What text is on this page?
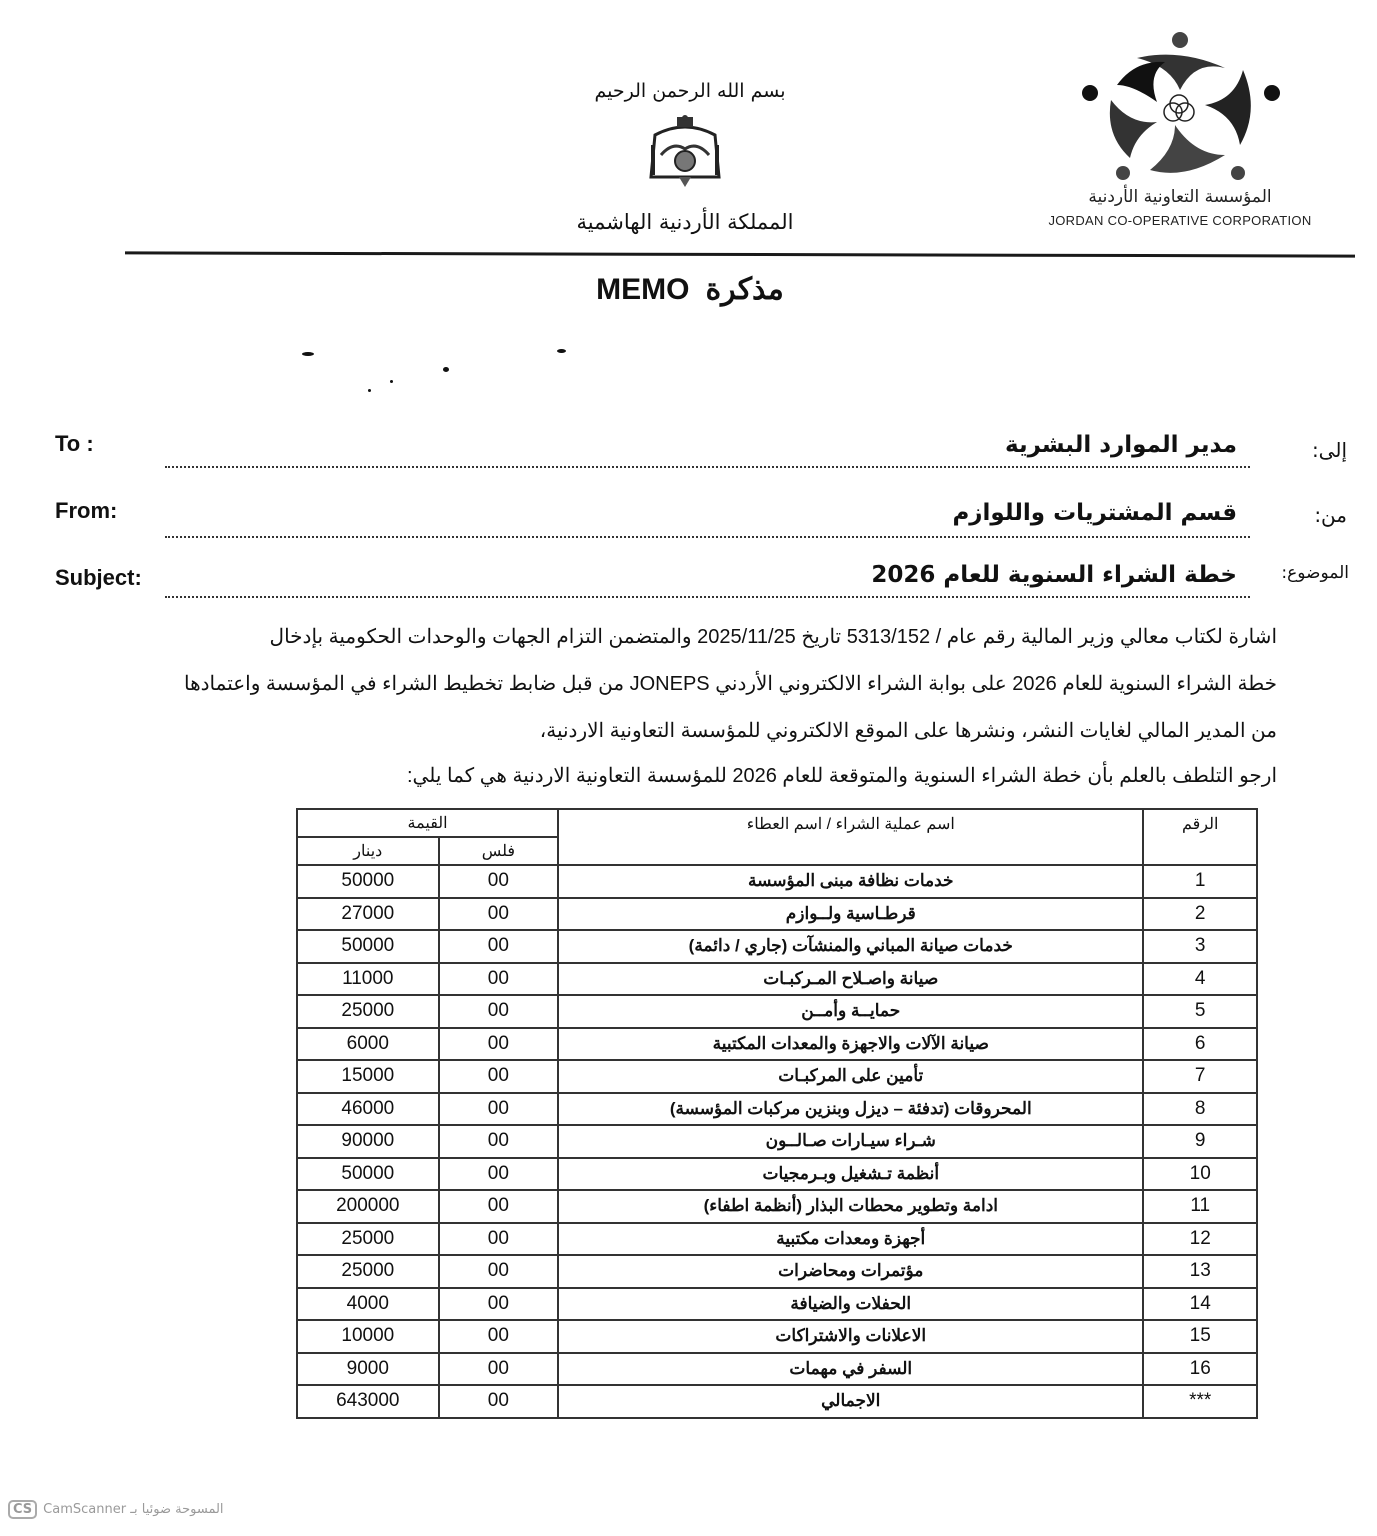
بسم الله الرحمن الرحيم
المملكة الأردنية الهاشمية
المؤسسة التعاونية الأردنية
JORDAN CO-OPERATIVE CORPORATION
MEMO مذكرة
To :	إلى:
مدير الموارد البشرية
From:	من:
قسم المشتريات واللوازم
Subject:	الموضوع:
خطة الشراء السنوية للعام 2026
اشارة لكتاب معالي وزير المالية رقم عام / 5313/152 تاريخ 2025/11/25 والمتضمن التزام الجهات والوحدات الحكومية بإدخال
خطة الشراء السنوية للعام 2026 على بوابة الشراء الالكتروني الأردني JONEPS من قبل ضابط تخطيط الشراء في المؤسسة واعتمادها
من المدير المالي لغايات النشر، ونشرها على الموقع الالكتروني للمؤسسة التعاونية الاردنية،
ارجو التلطف بالعلم بأن خطة الشراء السنوية والمتوقعة للعام 2026 للمؤسسة التعاونية الاردنية هي كما يلي:
الرقم	اسم عملية الشراء / اسم العطاء	القيمة	
		فلس	دينار
1	خدمات نظافة مبنى المؤسسة	00	50000
2	قرطـاسية ولــوازم	00	27000
3	خدمات صيانة المباني والمنشآت (جاري / دائمة)	00	50000
4	صيانة واصـلاح المـركبـات	00	11000
5	حمايــة وأمــن	00	25000
6	صيانة الآلات والاجهزة والمعدات المكتبية	00	6000
7	تأمين على المركبـات	00	15000
8	المحروقات (تدفئة – ديزل وبنزين مركبات المؤسسة)	00	46000
9	شـراء سيـارات صـالــون	00	90000
10	أنظمة تـشغيل وبـرمجيات	00	50000
11	ادامة وتطوير محطات البذار (أنظمة اطفاء)	00	200000
12	أجهزة ومعدات مكتبية	00	25000
13	مؤتمرات ومحاضرات	00	25000
14	الحفلات والضيافة	00	4000
15	الاعلانات والاشتراكات	00	10000
16	السفر في مهمات	00	9000
***	الاجمالي	00	643000
CS CamScanner المسوحة ضوئيا بـ
